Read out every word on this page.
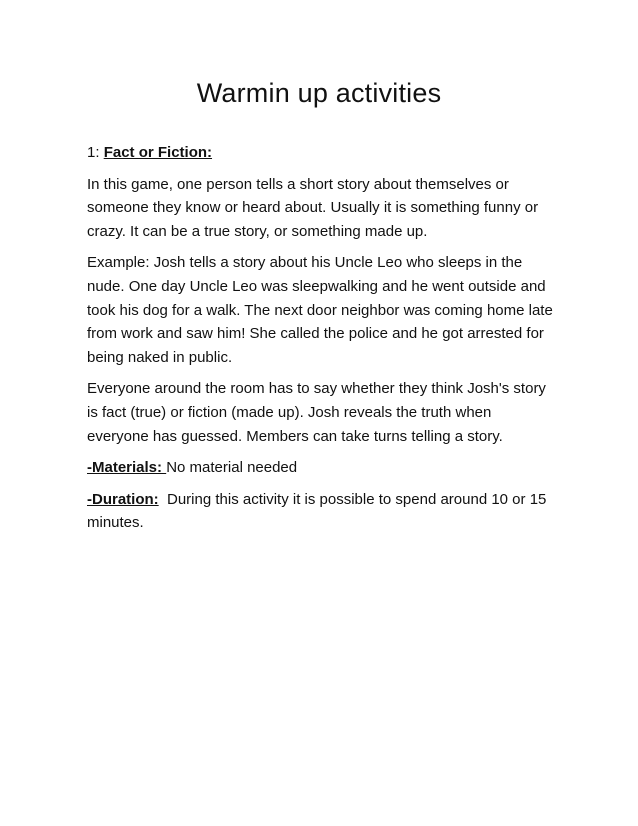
Warmin up activities

1: Fact or Fiction:

In this game, one person tells a short story about themselves or someone they know or heard about. Usually it is something funny or crazy. It can be a true story, or something made up.

Example: Josh tells a story about his Uncle Leo who sleeps in the nude. One day Uncle Leo was sleepwalking and he went outside and took his dog for a walk. The next door neighbor was coming home late from work and saw him! She called the police and he got arrested for being naked in public.

Everyone around the room has to say whether they think Josh's story is fact (true) or fiction (made up). Josh reveals the truth when everyone has guessed. Members can take turns telling a story.

-Materials: No material needed

-Duration: During this activity it is possible to spend around 10 or 15 minutes.
